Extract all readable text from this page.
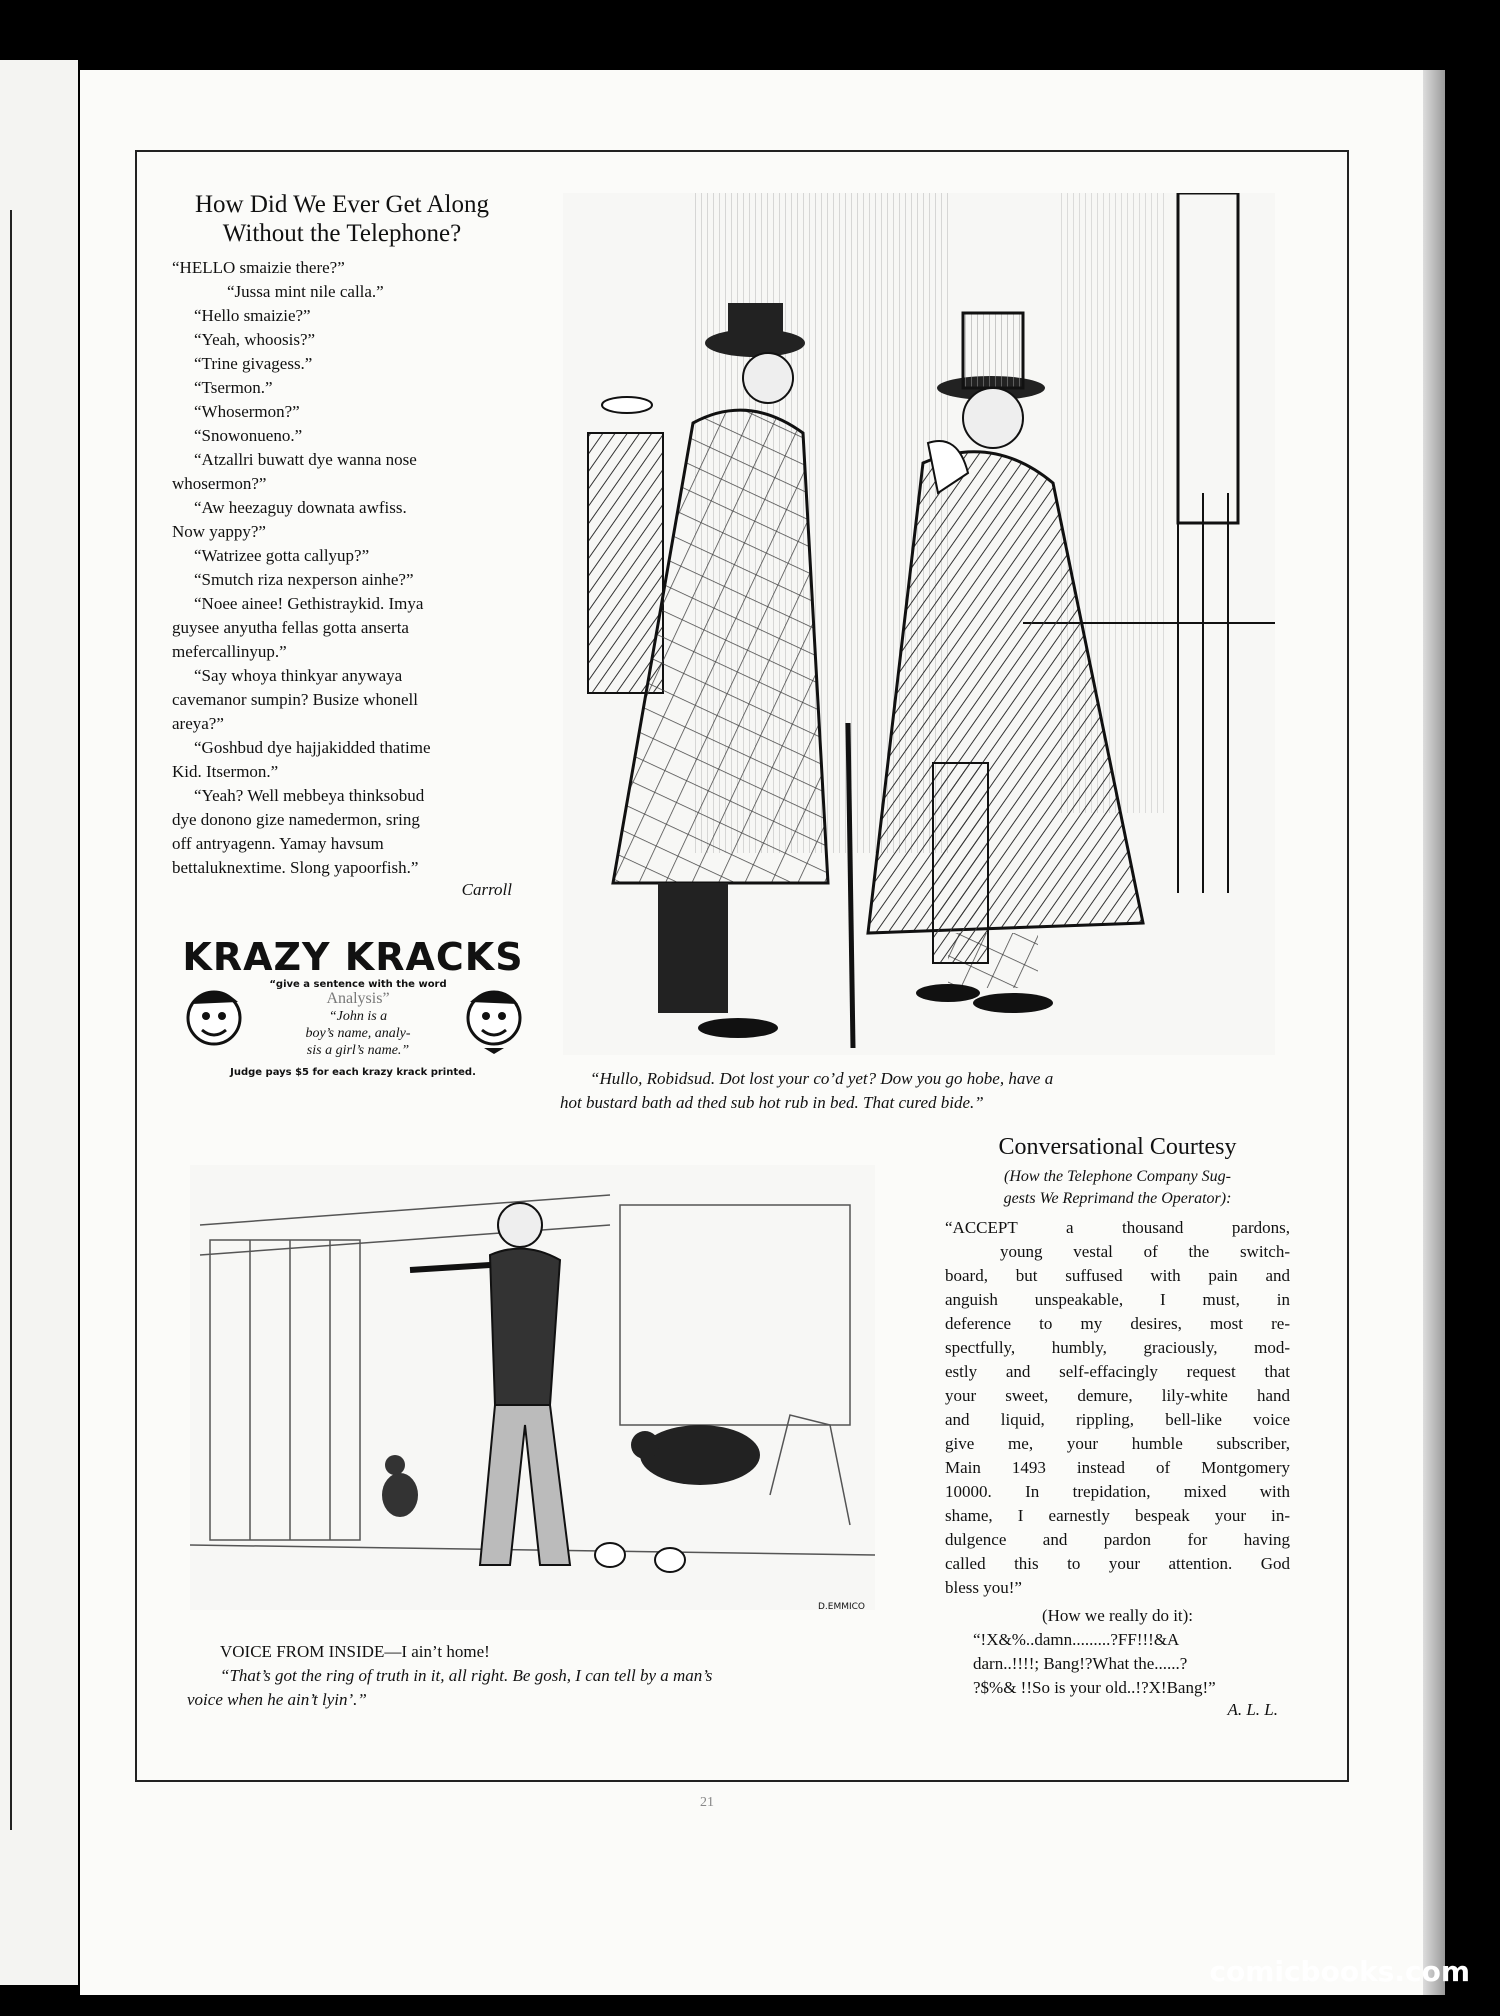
How Did We Ever Get Along
Without the Telephone?
“HELLO smaizie there?”
“Jussa mint nile calla.”
“Hello smaizie?”
“Yeah, whoosis?”
“Trine givagess.”
“Tsermon.”
“Whosermon?”
“Snowonueno.”
“Atzallri buwatt dye wanna nose
whosermon?”
“Aw heezaguy downata awfiss.
Now yappy?”
“Watrizee gotta callyup?”
“Smutch riza nexperson ainhe?”
“Noee ainee! Gethistraykid. Imya
guysee anyutha fellas gotta anserta
mefercallinyup.”
“Say whoya thinkyar anywaya
cavemanor sumpin? Busize whonell
areya?”
“Goshbud dye hajjakidded thatime
Kid. Itsermon.”
“Yeah? Well mebbeya thinksobud
dye donono gize namedermon, sring
off antryagenn. Yamay havsum
bettaluknextime. Slong yapoorfish.”
Carroll
KRAZY KRACKS
“give a sentence with the word
Analysis”
“John is a
boy’s name, analy-
sis a girl’s name.”
Judge pays $5 for each krazy krack printed.	“Hullo, Robidsud. Dot lost your co’d yet? Dow you go hobe, have a
hot bustard bath ad thed sub hot rub in bed. That cured bide.”
D.EMMICO
VOICE FROM INSIDE—I ain’t home!
“That’s got the ring of truth in it, all right. Be gosh, I can tell by a man’s
voice when he ain’t lyin’.”
Conversational Courtesy
(How the Telephone Company Sug-
gests We Reprimand the Operator):
“ACCEPT a thousand pardons,
young vestal of the switch-
board, but suffused with pain and
anguish unspeakable, I must, in
deference to my desires, most re-
spectfully, humbly, graciously, mod-
estly and self-effacingly request that
your sweet, demure, lily-white hand
and liquid, rippling, bell-like voice
give me, your humble subscriber,
Main 1493 instead of Montgomery
10000. In trepidation, mixed with
shame, I earnestly bespeak your in-
dulgence and pardon for having
called this to your attention. God
bless you!”
(How we really do it):
“!X&%..damn.........?FF!!!&A
darn..!!!!; Bang!?What the......?
?$%& !!So is your old..!?X!Bang!”
A. L. L.
21
comicbooks.com
